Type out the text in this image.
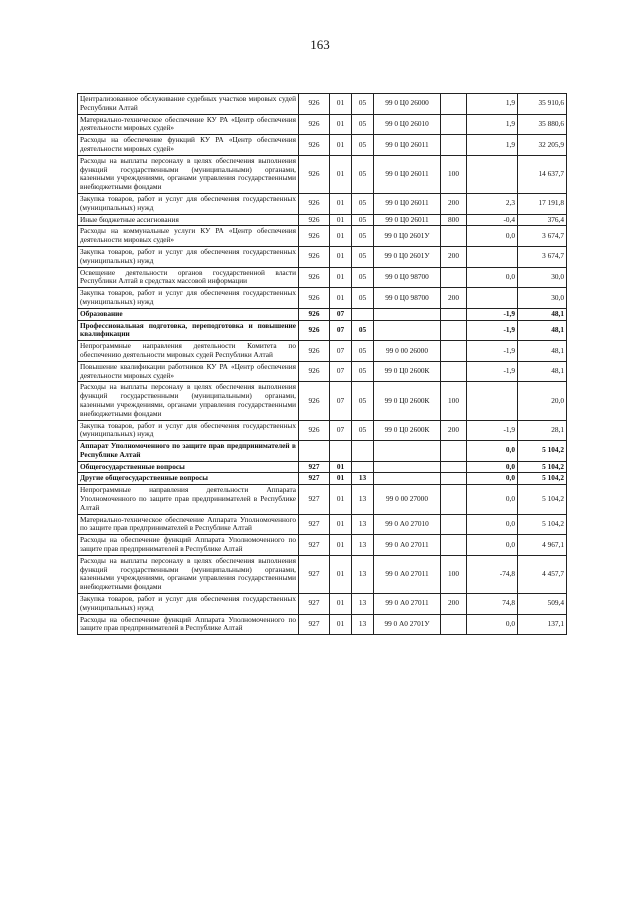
163
Централизованное обслуживание судебных участков мировых судей Республики Алтай	926	01	05	99 0 Ц0 26000		1,9	35 910,6
Материально-техническое обеспечение КУ РА «Центр обеспечения деятельности мировых судей»	926	01	05	99 0 Ц0 26010		1,9	35 880,6
Расходы на обеспечение функций КУ РА «Центр обеспечения деятельности мировых судей»	926	01	05	99 0 Ц0 26011		1,9	32 205,9
Расходы на выплаты персоналу в целях обеспечения выполнения функций государственными (муниципальными) органами, казенными учреждениями, органами управления государственными внебюджетными фондами	926	01	05	99 0 Ц0 26011	100		14 637,7
Закупка товаров, работ и услуг для обеспечения государственных (муниципальных) нужд	926	01	05	99 0 Ц0 26011	200	2,3	17 191,8
Иные бюджетные ассигнования	926	01	05	99 0 Ц0 26011	800	-0,4	376,4
Расходы на коммунальные услуги КУ РА «Центр обеспечения деятельности мировых судей»	926	01	05	99 0 Ц0 2601У		0,0	3 674,7
Закупка товаров, работ и услуг для обеспечения государственных (муниципальных) нужд	926	01	05	99 0 Ц0 2601У	200		3 674,7
Освещение деятельности органов государственной власти Республики Алтай в средствах массовой информации	926	01	05	99 0 Ц0 98700		0,0	30,0
Закупка товаров, работ и услуг для обеспечения государственных (муниципальных) нужд	926	01	05	99 0 Ц0 98700	200		30,0
Образование	926	07				-1,9	48,1
Профессиональная подготовка, переподготовка и повышение квалификации	926	07	05			-1,9	48,1
Непрограммные направления деятельности Комитета по обеспечению деятельности мировых судей Республики Алтай	926	07	05	99 0 00 26000		-1,9	48,1
Повышение квалификации работников КУ РА «Центр обеспечения деятельности мировых судей»	926	07	05	99 0 Ц0 2600К		-1,9	48,1
Расходы на выплаты персоналу в целях обеспечения выполнения функций государственными (муниципальными) органами, казенными учреждениями, органами управления государственными внебюджетными фондами	926	07	05	99 0 Ц0 2600К	100		20,0
Закупка товаров, работ и услуг для обеспечения государственных (муниципальных) нужд	926	07	05	99 0 Ц0 2600К	200	-1,9	28,1
Аппарат Уполномоченного по защите прав предпринимателей в Республике Алтай						0,0	5 104,2
Общегосударственные вопросы	927	01				0,0	5 104,2
Другие общегосударственные вопросы	927	01	13			0,0	5 104,2
Непрограммные направления деятельности Аппарата Уполномоченного по защите прав предпринимателей в Республике Алтай	927	01	13	99 0 00 27000		0,0	5 104,2
Материально-техническое обеспечение Аппарата Уполномоченного по защите прав предпринимателей в Республике Алтай	927	01	13	99 0 А0 27010		0,0	5 104,2
Расходы на обеспечение функций Аппарата Уполномоченного по защите прав предпринимателей в Республике Алтай	927	01	13	99 0 А0 27011		0,0	4 967,1
Расходы на выплаты персоналу в целях обеспечения выполнения функций государственными (муниципальными) органами, казенными учреждениями, органами управления государственными внебюджетными фондами	927	01	13	99 0 А0 27011	100	-74,8	4 457,7
Закупка товаров, работ и услуг для обеспечения государственных (муниципальных) нужд	927	01	13	99 0 А0 27011	200	74,8	509,4
Расходы на обеспечение функций Аппарата Уполномоченного по защите прав предпринимателей в Республике Алтай	927	01	13	99 0 А0 2701У		0,0	137,1
